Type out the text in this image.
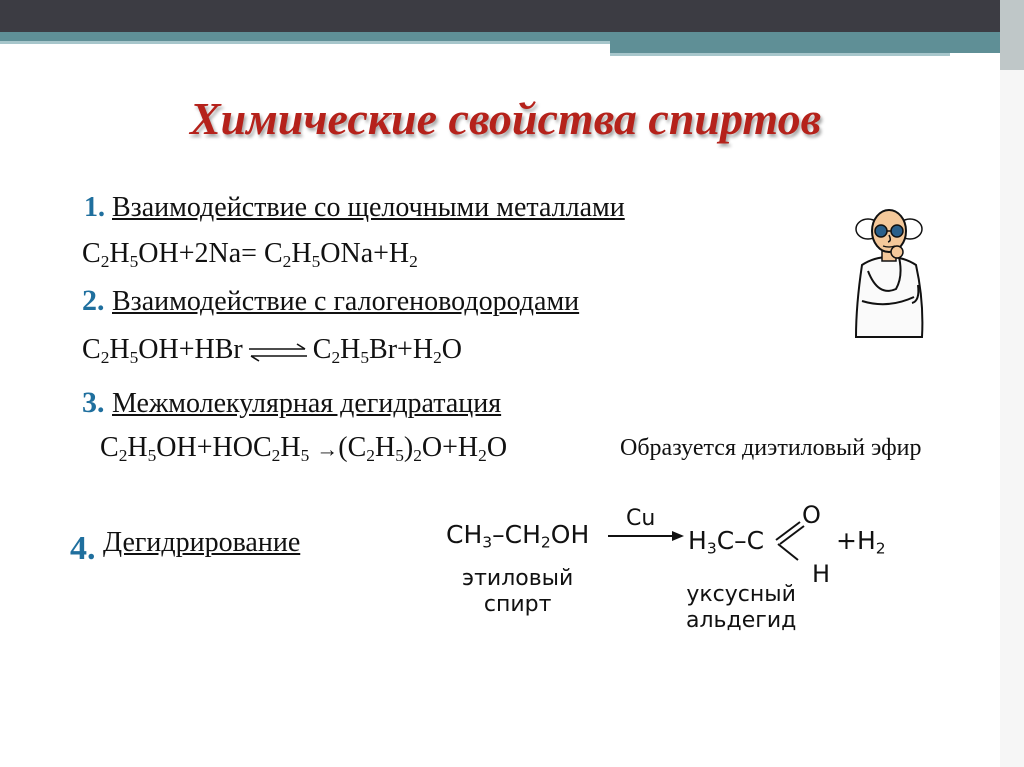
Химические свойства спиртов
1. Взаимодействие со щелочными металлами
$C_2H_5OH+2Na= C_2H_5ONa+H_2$
2. Взаимодействие с галогеноводородами
$C_2H_5OH+HBr$ ⇌ $C_2H_5Br+H_2O$
3. Межмолекулярная дегидратация
$C_2H_5OH+HOC_2H_5 \to(C_2H_5)_2O+H_2O$	Образуется диэтиловый эфир
4. Дегидрирование	$CH_3-CH_2OH$
Cu
$H_3C-C$
O
H
$+H_2$
этиловый
спирт	уксусный
альдегид
